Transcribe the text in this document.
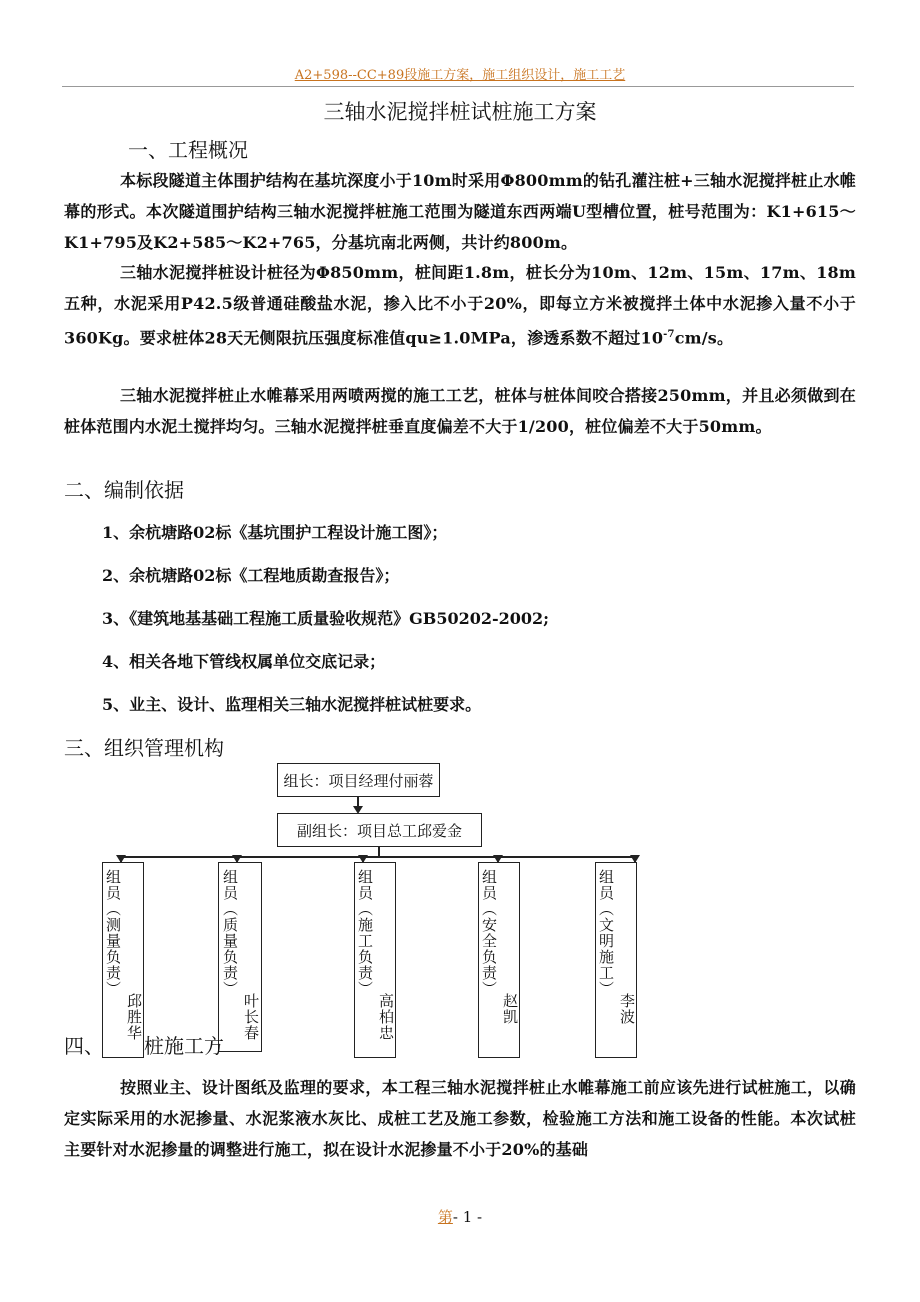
A2+598--CC+89段施工方案，施工组织设计，施工工艺
三轴水泥搅拌桩试桩施工方案
一、工程概况
本标段隧道主体围护结构在基坑深度小于10m时采用Φ800mm的钻孔灌注桩+三轴水泥搅拌桩止水帷幕的形式。本次隧道围护结构三轴水泥搅拌桩施工范围为隧道东西两端U型槽位置，桩号范围为：K1+615～K1+795及K2+585～K2+765，分基坑南北两侧，共计约800m。
三轴水泥搅拌桩设计桩径为Φ850mm，桩间距1.8m，桩长分为10m、12m、15m、17m、18m五种，水泥采用P42.5级普通硅酸盐水泥，掺入比不小于20%，即每立方米被搅拌土体中水泥掺入量不小于360Kg。要求桩体28天无侧限抗压强度标准值qu≥1.0MPa，渗透系数不超过$10^{-7}cm/s$。
三轴水泥搅拌桩止水帷幕采用两喷两搅的施工工艺，桩体与桩体间咬合搭接250mm，并且必须做到在桩体范围内水泥土搅拌均匀。三轴水泥搅拌桩垂直度偏差不大于1/200，桩位偏差不大于50mm。
二、编制依据
1、余杭塘路02标《基坑围护工程设计施工图》；
2、余杭塘路02标《工程地质勘查报告》；
3、《建筑地基基础工程施工质量验收规范》GB50202-2002;
4、相关各地下管线权属单位交底记录；
5、业主、设计、监理相关三轴水泥搅拌桩试桩要求。
三、组织管理机构
组长：项目经理付丽蓉
副组长：项目总工邱爱金
组员（测量负责）
邱胜华
组员（质量负责）
叶长春
组员（施工负责）
高柏忠
组员（安全负责）
赵凯
组员（文明施工）
李波
四、 桩施工方
按照业主、设计图纸及监理的要求，本工程三轴水泥搅拌桩止水帷幕施工前应该先进行试桩施工，以确定实际采用的水泥掺量、水泥浆液水灰比、成桩工艺及施工参数，检验施工方法和施工设备的性能。本次试桩主要针对水泥掺量的调整进行施工，拟在设计水泥掺量不小于20%的基础
第- 1 -
